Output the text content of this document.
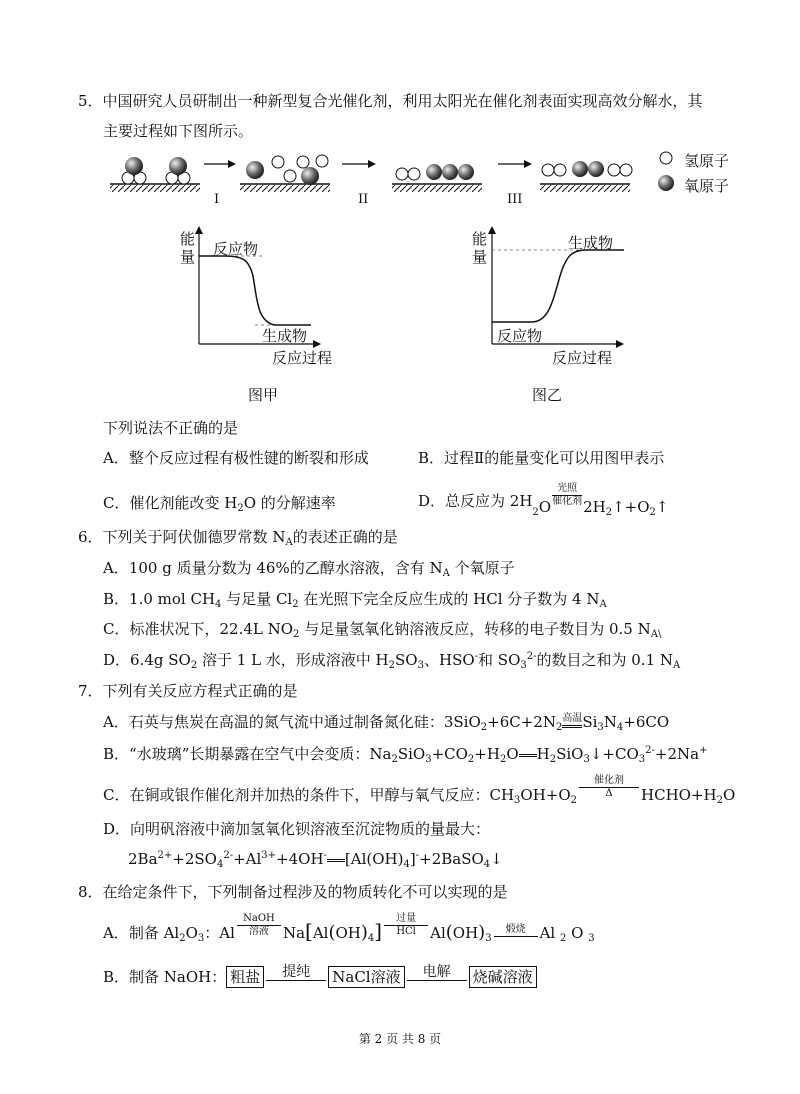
5．中国研究人员研制出一种新型复合光催化剂，利用太阳光在催化剂表面实现高效分解水，其
主要过程如下图所示。
氢原子
氧原子
I	II	III
能
量 反应物
生成物
反应过程
图甲
能
量
生成物
反应物
反应过程
图乙
下列说法不正确的是
A．整个反应过程有极性键的断裂和形成	B．过程Ⅱ的能量变化可以用图甲表示
C．催化剂能改变 $H_2O$ 的分解速率	D．总反应为 $2H_2O$
光照
催化剂 $2H_2↑+O_2↑$
6．下列关于阿伏伽德罗常数 $N_A$的表述正确的是
A．100 g 质量分数为 46%的乙醇水溶液，含有 $N_A$ 个氧原子
B．1.0 mol $CH_4$ 与足量 $Cl_2$ 在光照下完全反应生成的 HCl 分子数为 4 $N_A$
C．标准状况下，22.4L $NO_2$ 与足量氢氧化钠溶液反应，转移的电子数目为 0.5 $N_{A\backslash}$
D．6.4g $SO_2$ 溶于 1 L 水，形成溶液中 $H_2SO_3$、HSO-和 $SO_3^{2-}$的数目之和为 0.1 $N_A$
7．下列有关反应方程式正确的是
A．石英与焦炭在高温的氮气流中通过制备氮化硅：$3SiO_2+6C+2N_2$
高温 $Si_3N_4+6CO$
B．“水玻璃”长期暴露在空气中会变质：$Na_2SiO_3+CO_2+H_2O$ $H_2SiO_3↓+CO_3^{2-}+2Na^+$
C．在铜或银作催化剂并加热的条件下，甲醇与氧气反应：$CH_3OH+O_2$
催化剂
Δ	$HCHO+H_2O$
D．向明矾溶液中滴加氢氧化钡溶液至沉淀物质的量最大：
$2Ba^{2+}+2SO_4^{2-}+Al^{3+}+4OH^-$ $[Al(OH)_4]^-+2BaSO_4↓$
8．在给定条件下，下列制备过程涉及的物质转化不可以实现的是
A．制备 $Al_2O_3$：Al
NaOH
溶液 $Na[Al(OH)_4]$
过量
HCl $Al(OH)_3$
煅烧 Al $_2$ O $_3$
B．制备 NaOH： 粗盐	提纯	NaCl溶液	电解	烧碱溶液
第 2 页 共 8 页
